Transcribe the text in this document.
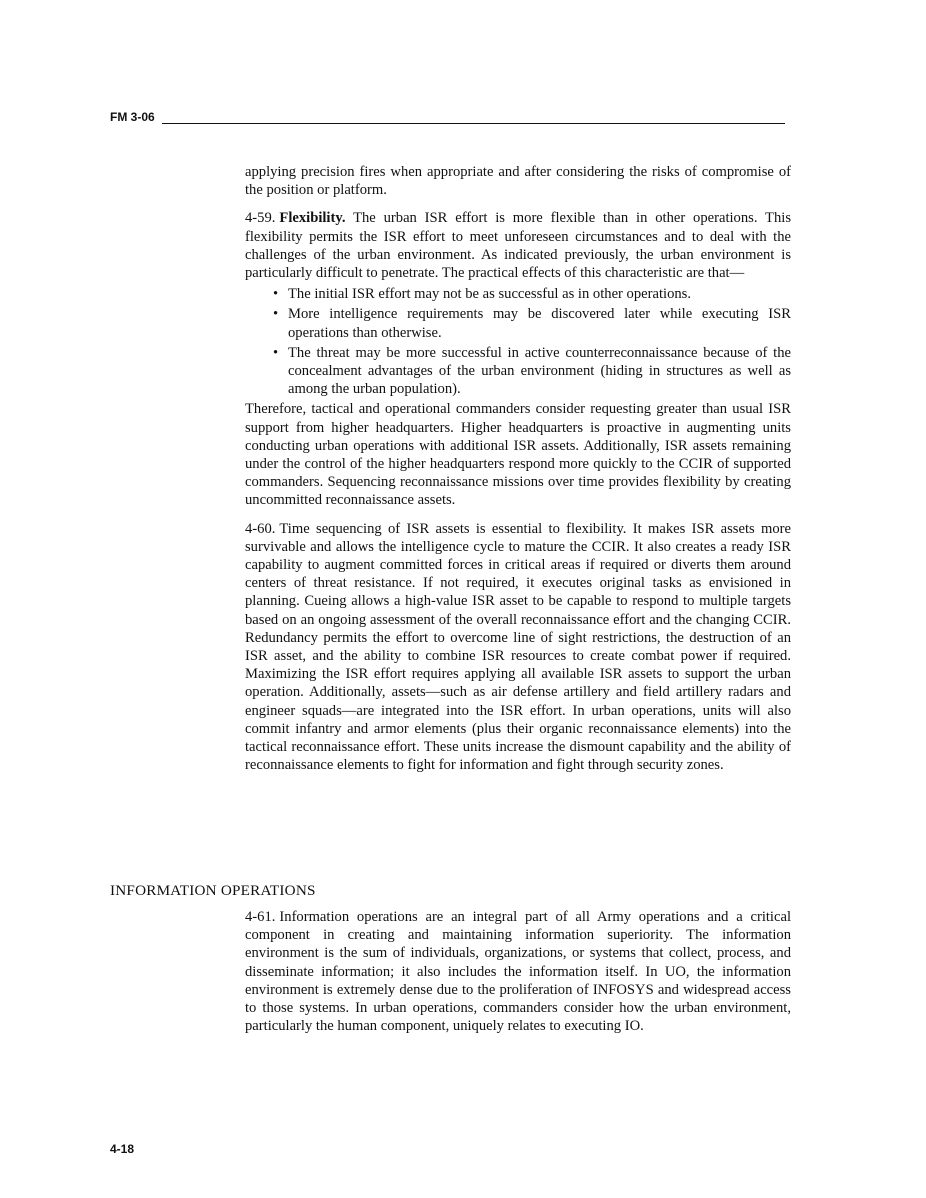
FM 3-06

applying precision fires when appropriate and after considering the risks of compromise of the position or platform.

4-59. Flexibility. The urban ISR effort is more flexible than in other operations. This flexibility permits the ISR effort to meet unforeseen circumstances and to deal with the challenges of the urban environment. As indicated previously, the urban environment is particularly difficult to penetrate. The practical effects of this characteristic are that—

• The initial ISR effort may not be as successful as in other operations.
• More intelligence requirements may be discovered later while executing ISR operations than otherwise.
• The threat may be more successful in active counterreconnaissance because of the concealment advantages of the urban environment (hiding in structures as well as among the urban population).

Therefore, tactical and operational commanders consider requesting greater than usual ISR support from higher headquarters. Higher headquarters is proactive in augmenting units conducting urban operations with additional ISR assets. Additionally, ISR assets remaining under the control of the higher headquarters respond more quickly to the CCIR of supported commanders. Sequencing reconnaissance missions over time provides flexibility by creating uncommitted reconnaissance assets.

4-60. Time sequencing of ISR assets is essential to flexibility. It makes ISR assets more survivable and allows the intelligence cycle to mature the CCIR. It also creates a ready ISR capability to augment committed forces in critical areas if required or diverts them around centers of threat resistance. If not required, it executes original tasks as envisioned in planning. Cueing allows a high-value ISR asset to be capable to respond to multiple targets based on an ongoing assessment of the overall reconnaissance effort and the changing CCIR. Redundancy permits the effort to overcome line of sight restrictions, the destruction of an ISR asset, and the ability to combine ISR resources to create combat power if required. Maximizing the ISR effort requires applying all available ISR assets to support the urban operation. Additionally, assets—such as air defense artillery and field artillery radars and engineer squads—are integrated into the ISR effort. In urban operations, units will also commit infantry and armor elements (plus their organic reconnaissance elements) into the tactical reconnaissance effort. These units increase the dismount capability and the ability of reconnaissance elements to fight for information and fight through security zones.

INFORMATION OPERATIONS

4-61. Information operations are an integral part of all Army operations and a critical component in creating and maintaining information superiority. The information environment is the sum of individuals, organizations, or systems that collect, process, and disseminate information; it also includes the information itself. In UO, the information environment is extremely dense due to the proliferation of INFOSYS and widespread access to those systems. In urban operations, commanders consider how the urban environment, particularly the human component, uniquely relates to executing IO.

4-18
